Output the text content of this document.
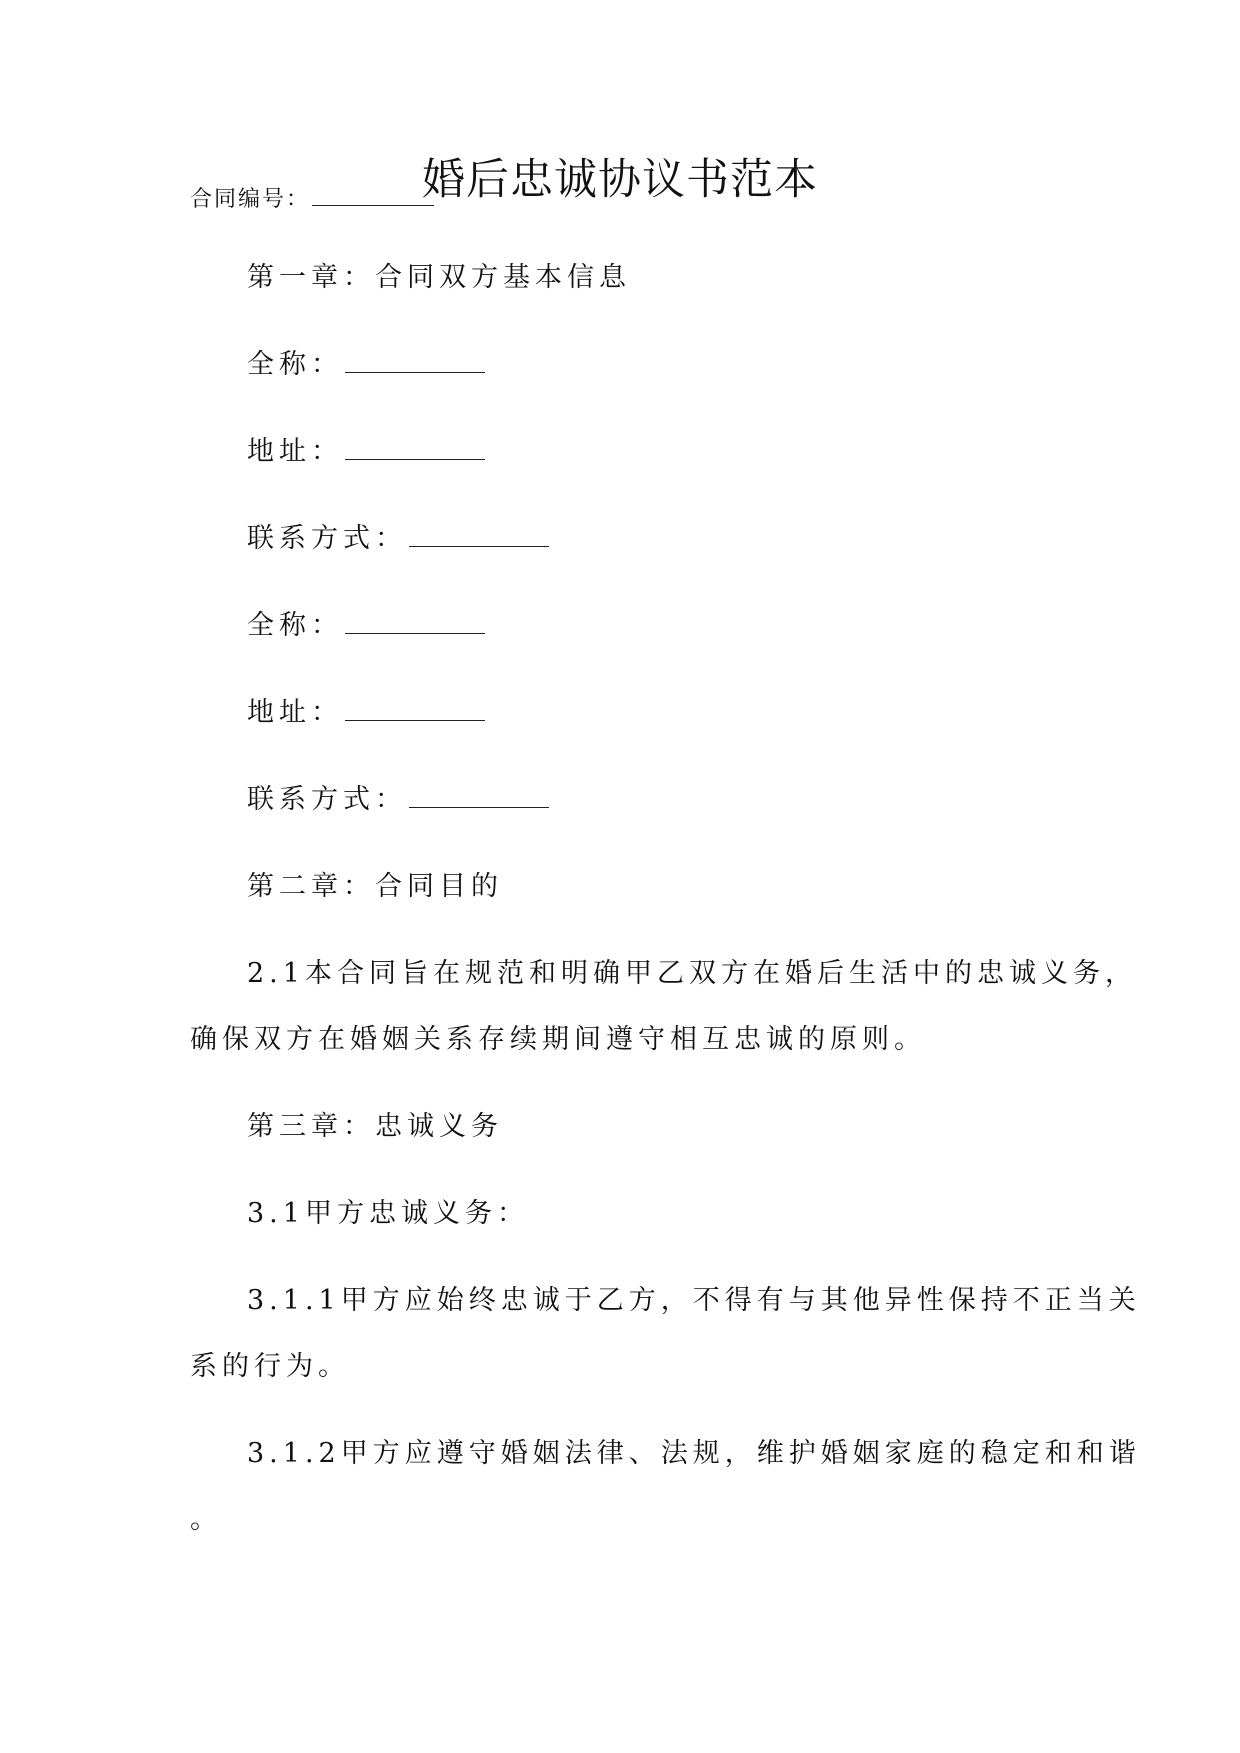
婚后忠诚协议书范本
合同编号：
第一章：合同双方基本信息
全称：
地址：
联系方式：
全称：
地址：
联系方式：
第二章：合同目的
2.1本合同旨在规范和明确甲乙双方在婚后生活中的忠诚义务，
确保双方在婚姻关系存续期间遵守相互忠诚的原则。
第三章：忠诚义务
3.1甲方忠诚义务：
3.1.1甲方应始终忠诚于乙方，不得有与其他异性保持不正当关
系的行为。
3.1.2甲方应遵守婚姻法律、法规，维护婚姻家庭的稳定和和谐
。
